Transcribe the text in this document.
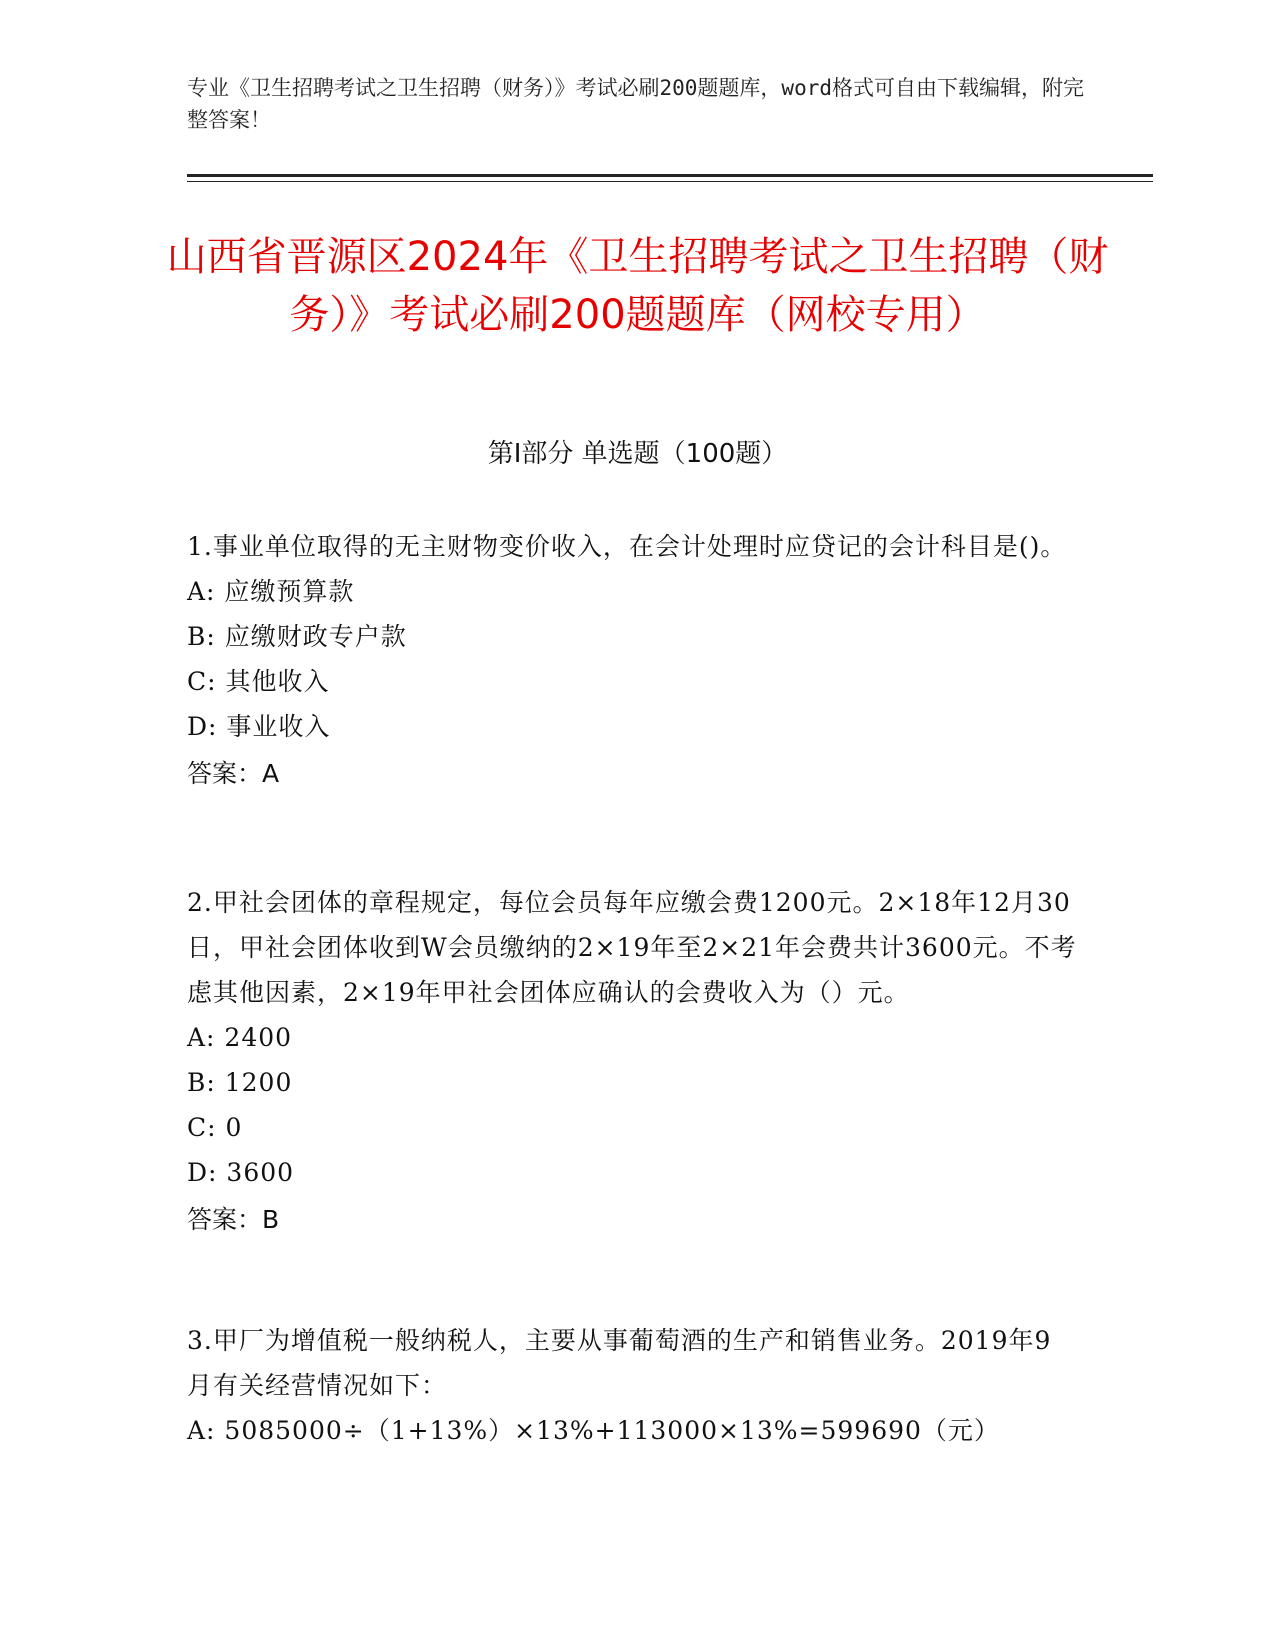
专业《卫生招聘考试之卫生招聘（财务）》考试必刷200题题库，word格式可自由下载编辑，附完整答案！
山西省晋源区2024年《卫生招聘考试之卫生招聘（财务）》考试必刷200题题库（网校专用）
第Ⅰ部分 单选题（100题）
1.事业单位取得的无主财物变价收入，在会计处理时应贷记的会计科目是()。
A: 应缴预算款
B: 应缴财政专户款
C: 其他收入
D: 事业收入
答案：A
2.甲社会团体的章程规定，每位会员每年应缴会费1200元。2×18年12月30日，甲社会团体收到W会员缴纳的2×19年至2×21年会费共计3600元。不考虑其他因素，2×19年甲社会团体应确认的会费收入为（）元。
A: 2400
B: 1200
C: 0
D: 3600
答案：B
3.甲厂为增值税一般纳税人，主要从事葡萄酒的生产和销售业务。2019年9月有关经营情况如下：
A: 5085000÷（1+13%）×13%+113000×13%=599690（元）
